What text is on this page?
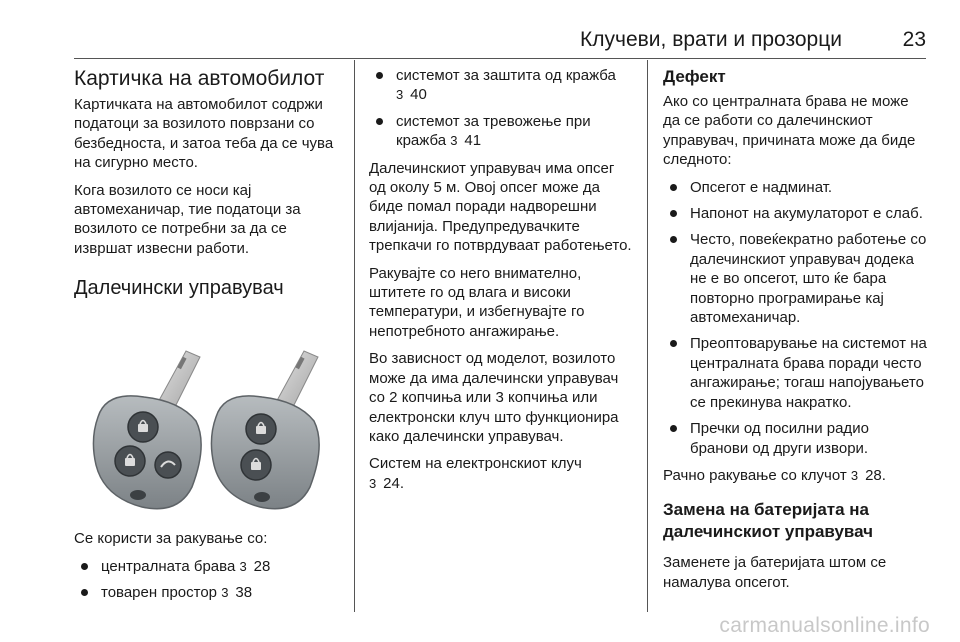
Клучеви, врати и прозорци	23
Картичка на автомобилот

Картичката на автомобилот содржи податоци за возилото поврзани со безбедноста, и затоа теба да се чува на сигурно место.

Кога возилото се носи кај автомеханичар, тие податоци за возилото се потребни за да се извршат извесни работи.

Далечински управувач

Се користи за ракување со:

централната брава 3 28
товарен простор 3 38
системот за заштита од кражба
3 40
системот за тревожење при кражба 3 41

Далечинскиот управувач има опсег од околу 5 м. Овој опсег може да биде помал поради надворешни влијанија. Предупредувачките трепкачи го потврдуваат работењето.

Ракувајте со него внимателно, штитете го од влага и високи температури, и избегнувајте го непотребното ангажирање.

Во зависност од моделот, возилото може да има далечински управувач со 2 копчиња или 3 копчиња или електронски клуч што функционира како далечински управувач.

Систем на електронскиот клуч
3 24.

Дефект

Ако со централната брава не може да се работи со далечинскиот управувач, причината може да биде следното:

Опсегот е надминат.
Напонот на акумулаторот е слаб.
Често, повеќекратно работење со далечинскиот управувач додека не е во опсегот, што ќе бара повторно програмирање кај автомеханичар.
Преоптоварување на системот на централната брава поради често ангажирање; тогаш напојувањето се прекинува накратко.
Пречки од посилни радио бранови од други извори.

Рачно ракување со клучот 3 28.

Замена на батеријата на далечинскиот управувач

Заменете ја батеријата штом се намалува опсегот.

carmanualsonline.info
